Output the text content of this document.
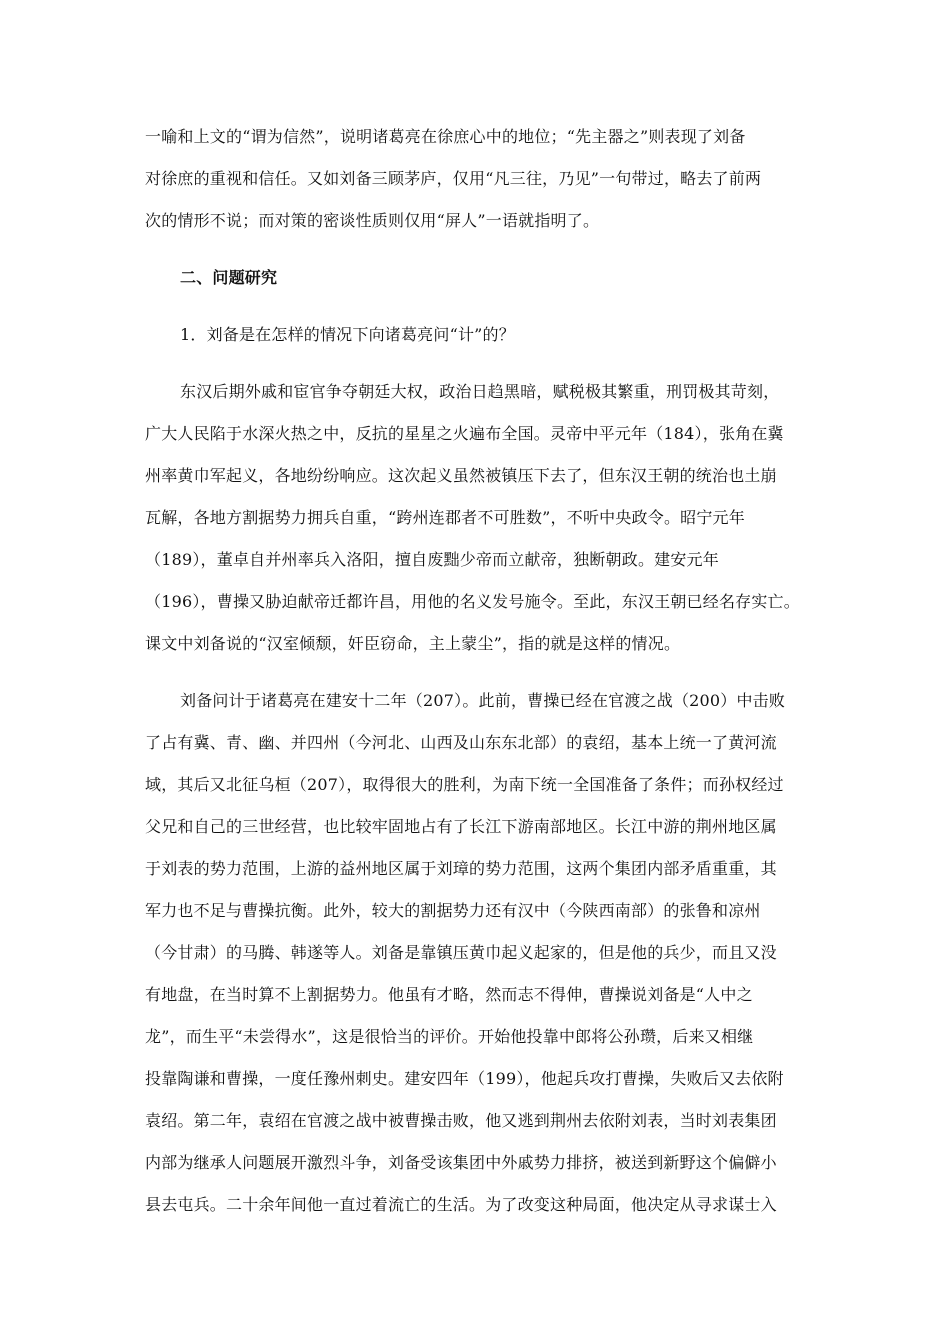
一喻和上文的“谓为信然”，说明诸葛亮在徐庶心中的地位；“先主器之”则表现了刘备
对徐庶的重视和信任。又如刘备三顾茅庐，仅用“凡三往，乃见”一句带过，略去了前两
次的情形不说；而对策的密谈性质则仅用“屏人”一语就指明了。
二、问题研究
1．刘备是在怎样的情况下向诸葛亮问“计”的？
东汉后期外戚和宦官争夺朝廷大权，政治日趋黑暗，赋税极其繁重，刑罚极其苛刻，
广大人民陷于水深火热之中，反抗的星星之火遍布全国。灵帝中平元年（184），张角在冀
州率黄巾军起义，各地纷纷响应。这次起义虽然被镇压下去了，但东汉王朝的统治也土崩
瓦解，各地方割据势力拥兵自重，“跨州连郡者不可胜数”，不听中央政令。昭宁元年
（189），董卓自并州率兵入洛阳，擅自废黜少帝而立献帝，独断朝政。建安元年
（196），曹操又胁迫献帝迁都许昌，用他的名义发号施令。至此，东汉王朝已经名存实亡。
课文中刘备说的“汉室倾颓，奸臣窃命，主上蒙尘”，指的就是这样的情况。
刘备问计于诸葛亮在建安十二年（207）。此前，曹操已经在官渡之战（200）中击败
了占有冀、青、幽、并四州（今河北、山西及山东东北部）的袁绍，基本上统一了黄河流
域，其后又北征乌桓（207），取得很大的胜利，为南下统一全国准备了条件；而孙权经过
父兄和自己的三世经营，也比较牢固地占有了长江下游南部地区。长江中游的荆州地区属
于刘表的势力范围，上游的益州地区属于刘璋的势力范围，这两个集团内部矛盾重重，其
军力也不足与曹操抗衡。此外，较大的割据势力还有汉中（今陕西南部）的张鲁和凉州
（今甘肃）的马腾、韩遂等人。刘备是靠镇压黄巾起义起家的，但是他的兵少，而且又没
有地盘，在当时算不上割据势力。他虽有才略，然而志不得伸，曹操说刘备是“人中之
龙”，而生平“未尝得水”，这是很恰当的评价。开始他投靠中郎将公孙瓒，后来又相继
投靠陶谦和曹操，一度任豫州刺史。建安四年（199），他起兵攻打曹操，失败后又去依附
袁绍。第二年，袁绍在官渡之战中被曹操击败，他又逃到荆州去依附刘表，当时刘表集团
内部为继承人问题展开激烈斗争，刘备受该集团中外戚势力排挤，被送到新野这个偏僻小
县去屯兵。二十余年间他一直过着流亡的生活。为了改变这种局面，他决定从寻求谋士入
